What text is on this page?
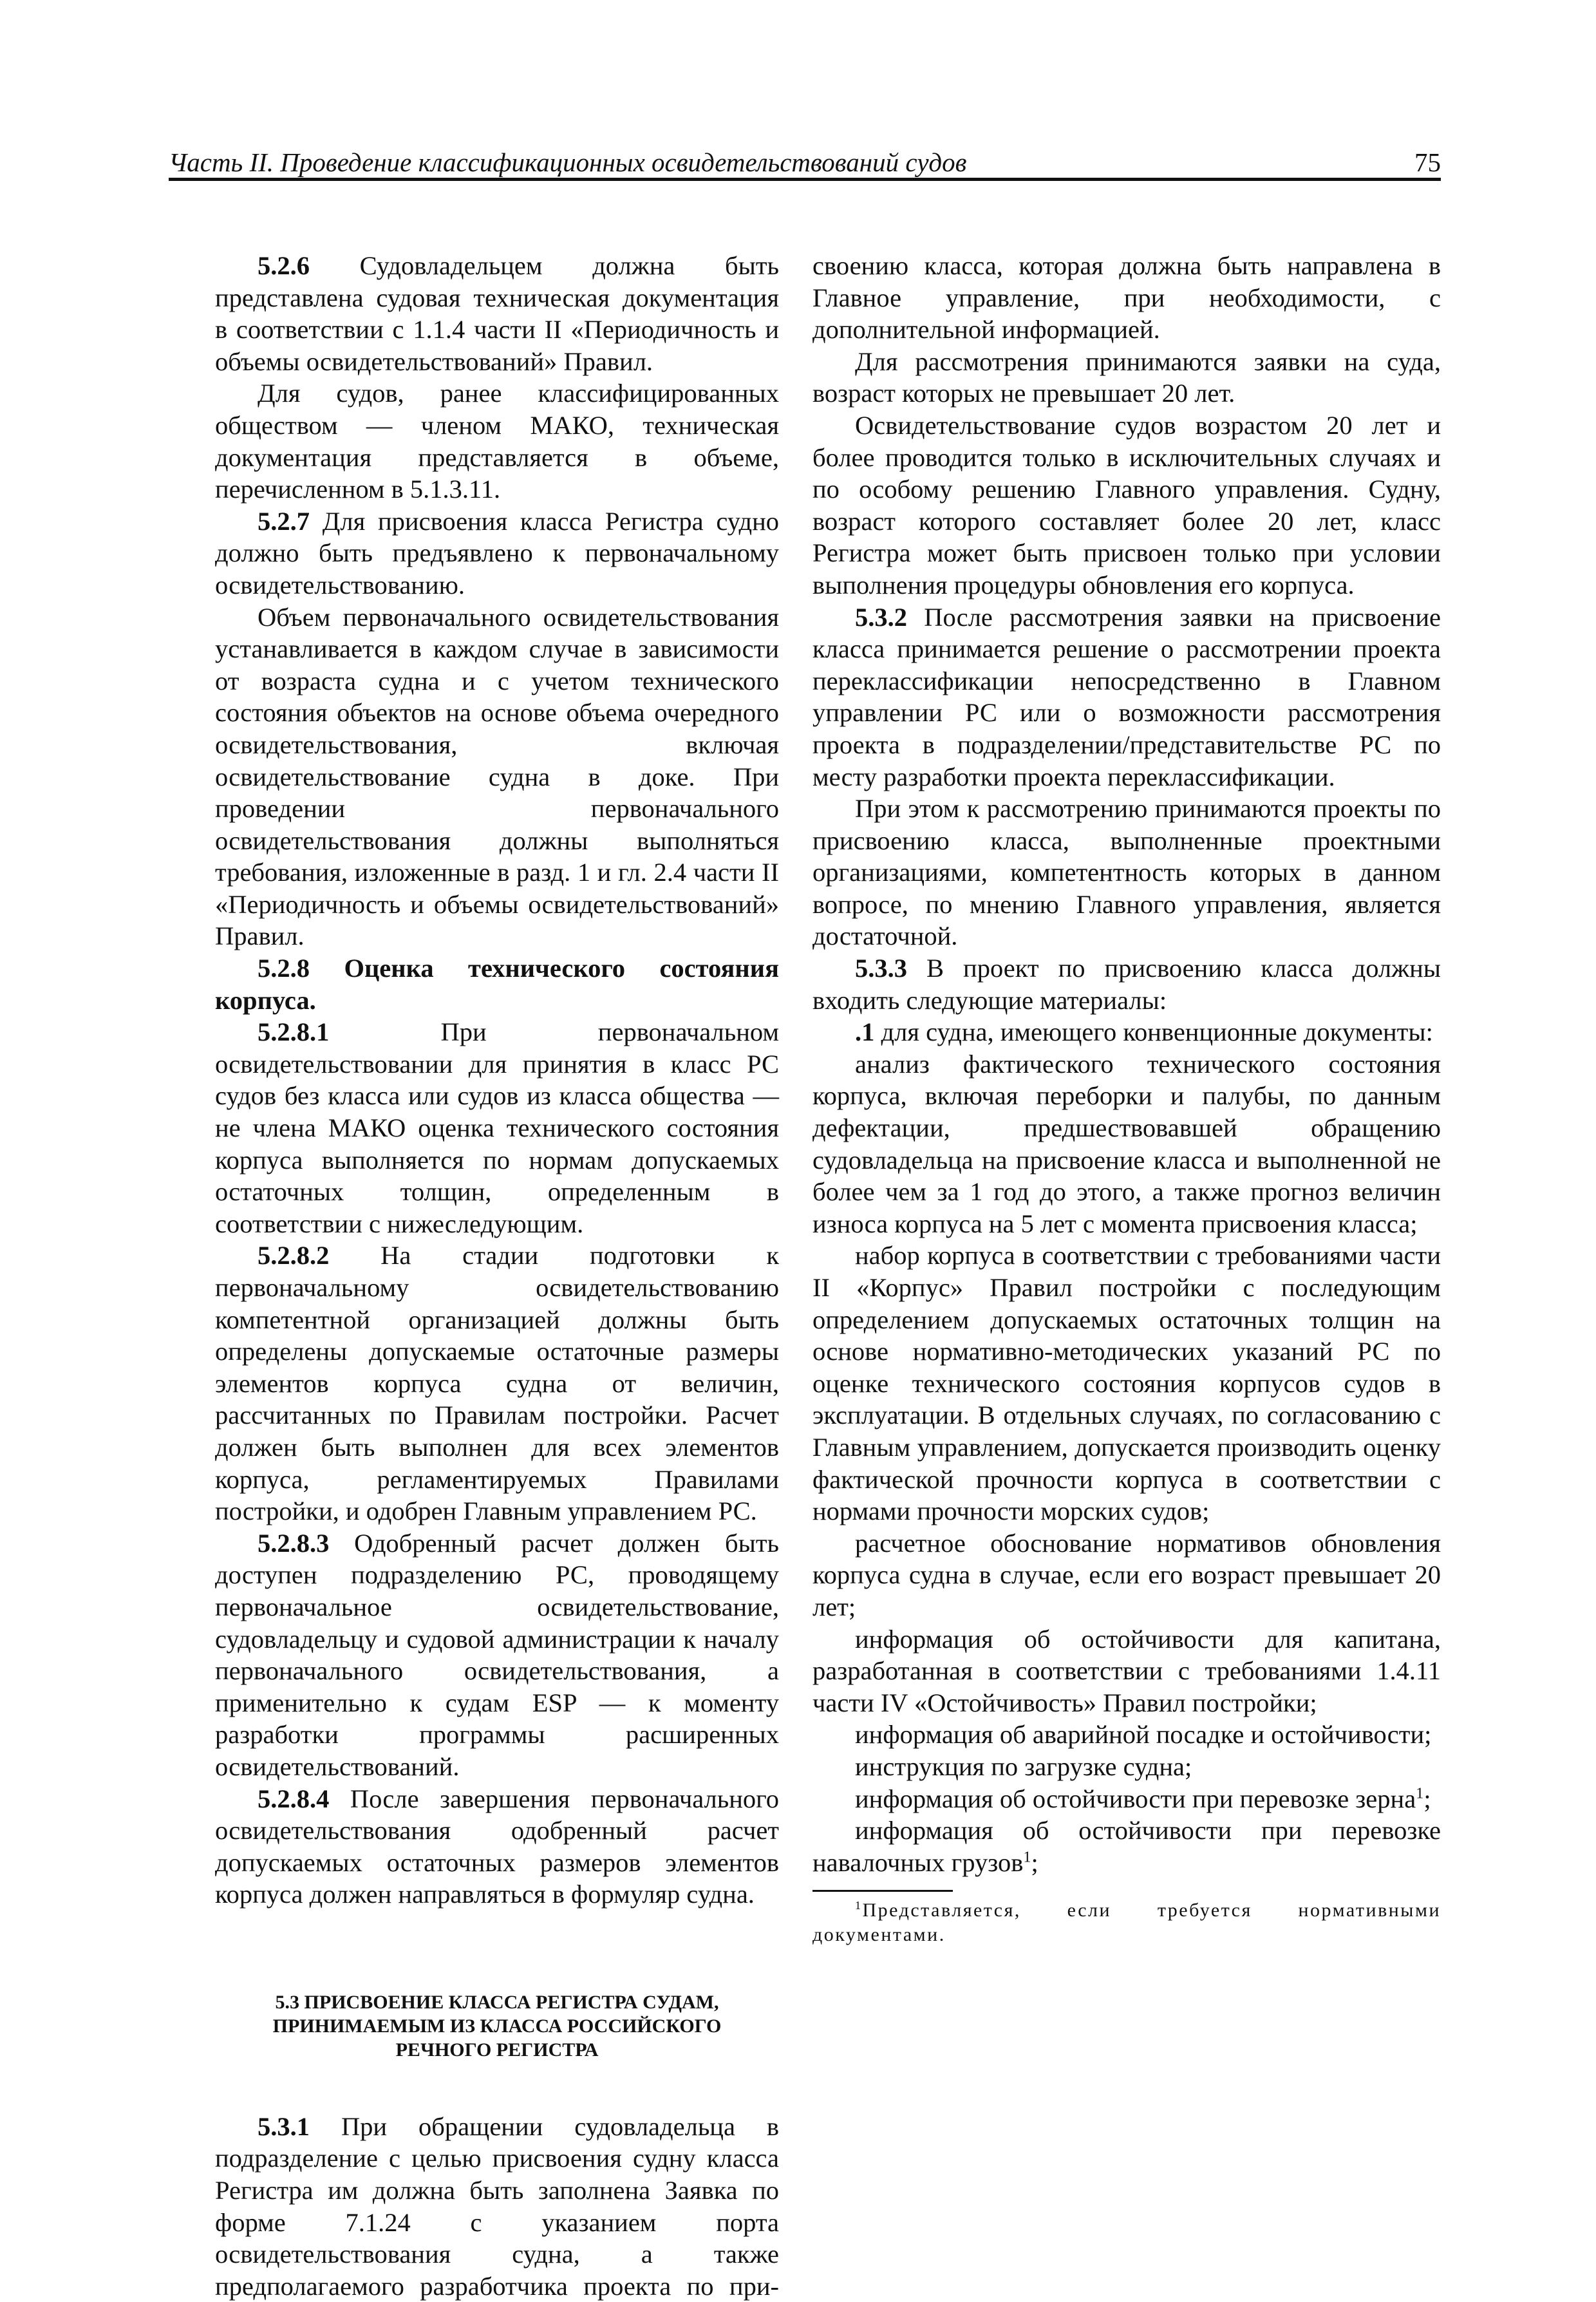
Часть II. Проведение классификационных освидетельствований судов	75

5.2.6 Судовладельцем должна быть представлена судовая техническая документация в соответствии с 1.1.4 части II «Периодичность и объемы освидетельствований» Правил.

Для судов, ранее классифицированных обществом — членом МАКО, техническая документация представляется в объеме, перечисленном в 5.1.3.11.

5.2.7 Для присвоения класса Регистра судно должно быть предъявлено к первоначальному освидетельствованию.

Объем первоначального освидетельствования устанавливается в каждом случае в зависимости от возраста судна и с учетом технического состояния объектов на основе объема очередного освидетельствования, включая освидетельствование судна в доке. При проведении первоначального освидетельствования должны выполняться требования, изложенные в разд. 1 и гл. 2.4 части II «Периодичность и объемы освидетельствований» Правил.

5.2.8 Оценка технического состояния корпуса.

5.2.8.1 При первоначальном освидетельствовании для принятия в класс РС судов без класса или судов из класса общества — не члена МАКО оценка технического состояния корпуса выполняется по нормам допускаемых остаточных толщин, определенным в соответствии с нижеследующим.

5.2.8.2 На стадии подготовки к первоначальному освидетельствованию компетентной организацией должны быть определены допускаемые остаточные размеры элементов корпуса судна от величин, рассчитанных по Правилам постройки. Расчет должен быть выполнен для всех элементов корпуса, регламентируемых Правилами постройки, и одобрен Главным управлением РС.

5.2.8.3 Одобренный расчет должен быть доступен подразделению РС, проводящему первоначальное освидетельствование, судовладельцу и судовой администрации к началу первоначального освидетельствования, а применительно к судам ESP — к моменту разработки программы расширенных освидетельствований.

5.2.8.4 После завершения первоначального освидетельствования одобренный расчет допускаемых остаточных размеров элементов корпуса должен направляться в формуляр судна.

5.3 ПРИСВОЕНИЕ КЛАССА РЕГИСТРА СУДАМ,
ПРИНИМАЕМЫМ ИЗ КЛАССА РОССИЙСКОГО
РЕЧНОГО РЕГИСТРА

5.3.1 При обращении судовладельца в подразделение с целью присвоения судну класса Регистра им должна быть заполнена Заявка по форме 7.1.24 с указанием порта освидетельствования судна, а также предполагаемого разработчика проекта по при-

своению класса, которая должна быть направлена в Главное управление, при необходимости, с дополнительной информацией.

Для рассмотрения принимаются заявки на суда, возраст которых не превышает 20 лет.

Освидетельствование судов возрастом 20 лет и более проводится только в исключительных случаях и по особому решению Главного управления. Судну, возраст которого составляет более 20 лет, класс Регистра может быть присвоен только при условии выполнения процедуры обновления его корпуса.

5.3.2 После рассмотрения заявки на присвоение класса принимается решение о рассмотрении проекта переклассификации непосредственно в Главном управлении РС или о возможности рассмотрения проекта в подразделении/представительстве РС по месту разработки проекта переклассификации.

При этом к рассмотрению принимаются проекты по присвоению класса, выполненные проектными организациями, компетентность которых в данном вопросе, по мнению Главного управления, является достаточной.

5.3.3 В проект по присвоению класса должны входить следующие материалы:

.1 для судна, имеющего конвенционные документы:

анализ фактического технического состояния корпуса, включая переборки и палубы, по данным дефектации, предшествовавшей обращению судовладельца на присвоение класса и выполненной не более чем за 1 год до этого, а также прогноз величин износа корпуса на 5 лет с момента присвоения класса;

набор корпуса в соответствии с требованиями части II «Корпус» Правил постройки с последующим определением допускаемых остаточных толщин на основе нормативно-методических указаний РС по оценке технического состояния корпусов судов в эксплуатации. В отдельных случаях, по согласованию с Главным управлением, допускается производить оценку фактической прочности корпуса в соответствии с нормами прочности морских судов;

расчетное обоснование нормативов обновления корпуса судна в случае, если его возраст превышает 20 лет;

информация об остойчивости для капитана, разработанная в соответствии с требованиями 1.4.11 части IV «Остойчивость» Правил постройки;

информация об аварийной посадке и остойчивости;

инструкция по загрузке судна;

информация об остойчивости при перевозке зерна$^1$;

информация об остойчивости при перевозке навалочных грузов$^1$;

$^1$Представляется, если требуется нормативными документами.
